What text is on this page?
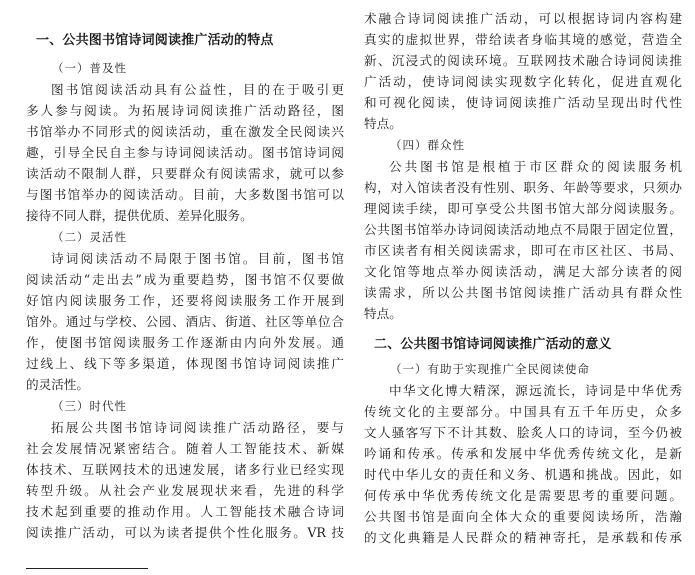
一、公共图书馆诗词阅读推广活动的特点
（一）普及性
图书馆阅读活动具有公益性，目的在于吸引更
多人参与阅读。为拓展诗词阅读推广活动路径，图
书馆举办不同形式的阅读活动，重在激发全民阅读兴
趣，引导全民自主参与诗词阅读活动。图书馆诗词阅
读活动不限制人群，只要群众有阅读需求，就可以参
与图书馆举办的阅读活动。目前，大多数图书馆可以
接待不同人群，提供优质、差异化服务。
（二）灵活性
诗词阅读活动不局限于图书馆。目前，图书馆
阅读活动“走出去”成为重要趋势，图书馆不仅要做
好馆内阅读服务工作，还要将阅读服务工作开展到
馆外。通过与学校、公园、酒店、街道、社区等单位合
作，使图书馆阅读服务工作逐渐由内向外发展。通
过线上、线下等多渠道，体现图书馆诗词阅读推广
的灵活性。
（三）时代性
拓展公共图书馆诗词阅读推广活动路径，要与
社会发展情况紧密结合。随着人工智能技术、新媒
体技术、互联网技术的迅速发展，诸多行业已经实现
转型升级。从社会产业发展现状来看，先进的科学
技术起到重要的推动作用。人工智能技术融合诗词
阅读推广活动，可以为读者提供个性化服务。VR 技
术融合诗词阅读推广活动，可以根据诗词内容构建
真实的虚拟世界，带给读者身临其境的感觉，营造全
新、沉浸式的阅读环境。互联网技术融合诗词阅读推
广活动，使诗词阅读实现数字化转化，促进直观化
和可视化阅读，使诗词阅读推广活动呈现出时代性
特点。
（四）群众性
公共图书馆是根植于市区群众的阅读服务机
构，对入馆读者没有性别、职务、年龄等要求，只须办
理阅读手续，即可享受公共图书馆大部分阅读服务。
公共图书馆举办诗词阅读活动地点不局限于固定位置，
市区读者有相关阅读需求，即可在市区社区、书局、
文化馆等地点举办阅读活动，满足大部分读者的阅
读需求，所以公共图书馆阅读推广活动具有群众性
特点。
二、公共图书馆诗词阅读推广活动的意义
（一）有助于实现推广全民阅读使命
中华文化博大精深，源远流长，诗词是中华优秀
传统文化的主要部分。中国具有五千年历史，众多
文人骚客写下不计其数、脍炙人口的诗词，至今仍被
吟诵和传承。传承和发展中华优秀传统文化，是新
时代中华儿女的责任和义务、机遇和挑战。因此，如
何传承中华优秀传统文化是需要思考的重要问题。
公共图书馆是面向全体大众的重要阅读场所，浩瀚
的文化典籍是人民群众的精神寄托，是承载和传承
